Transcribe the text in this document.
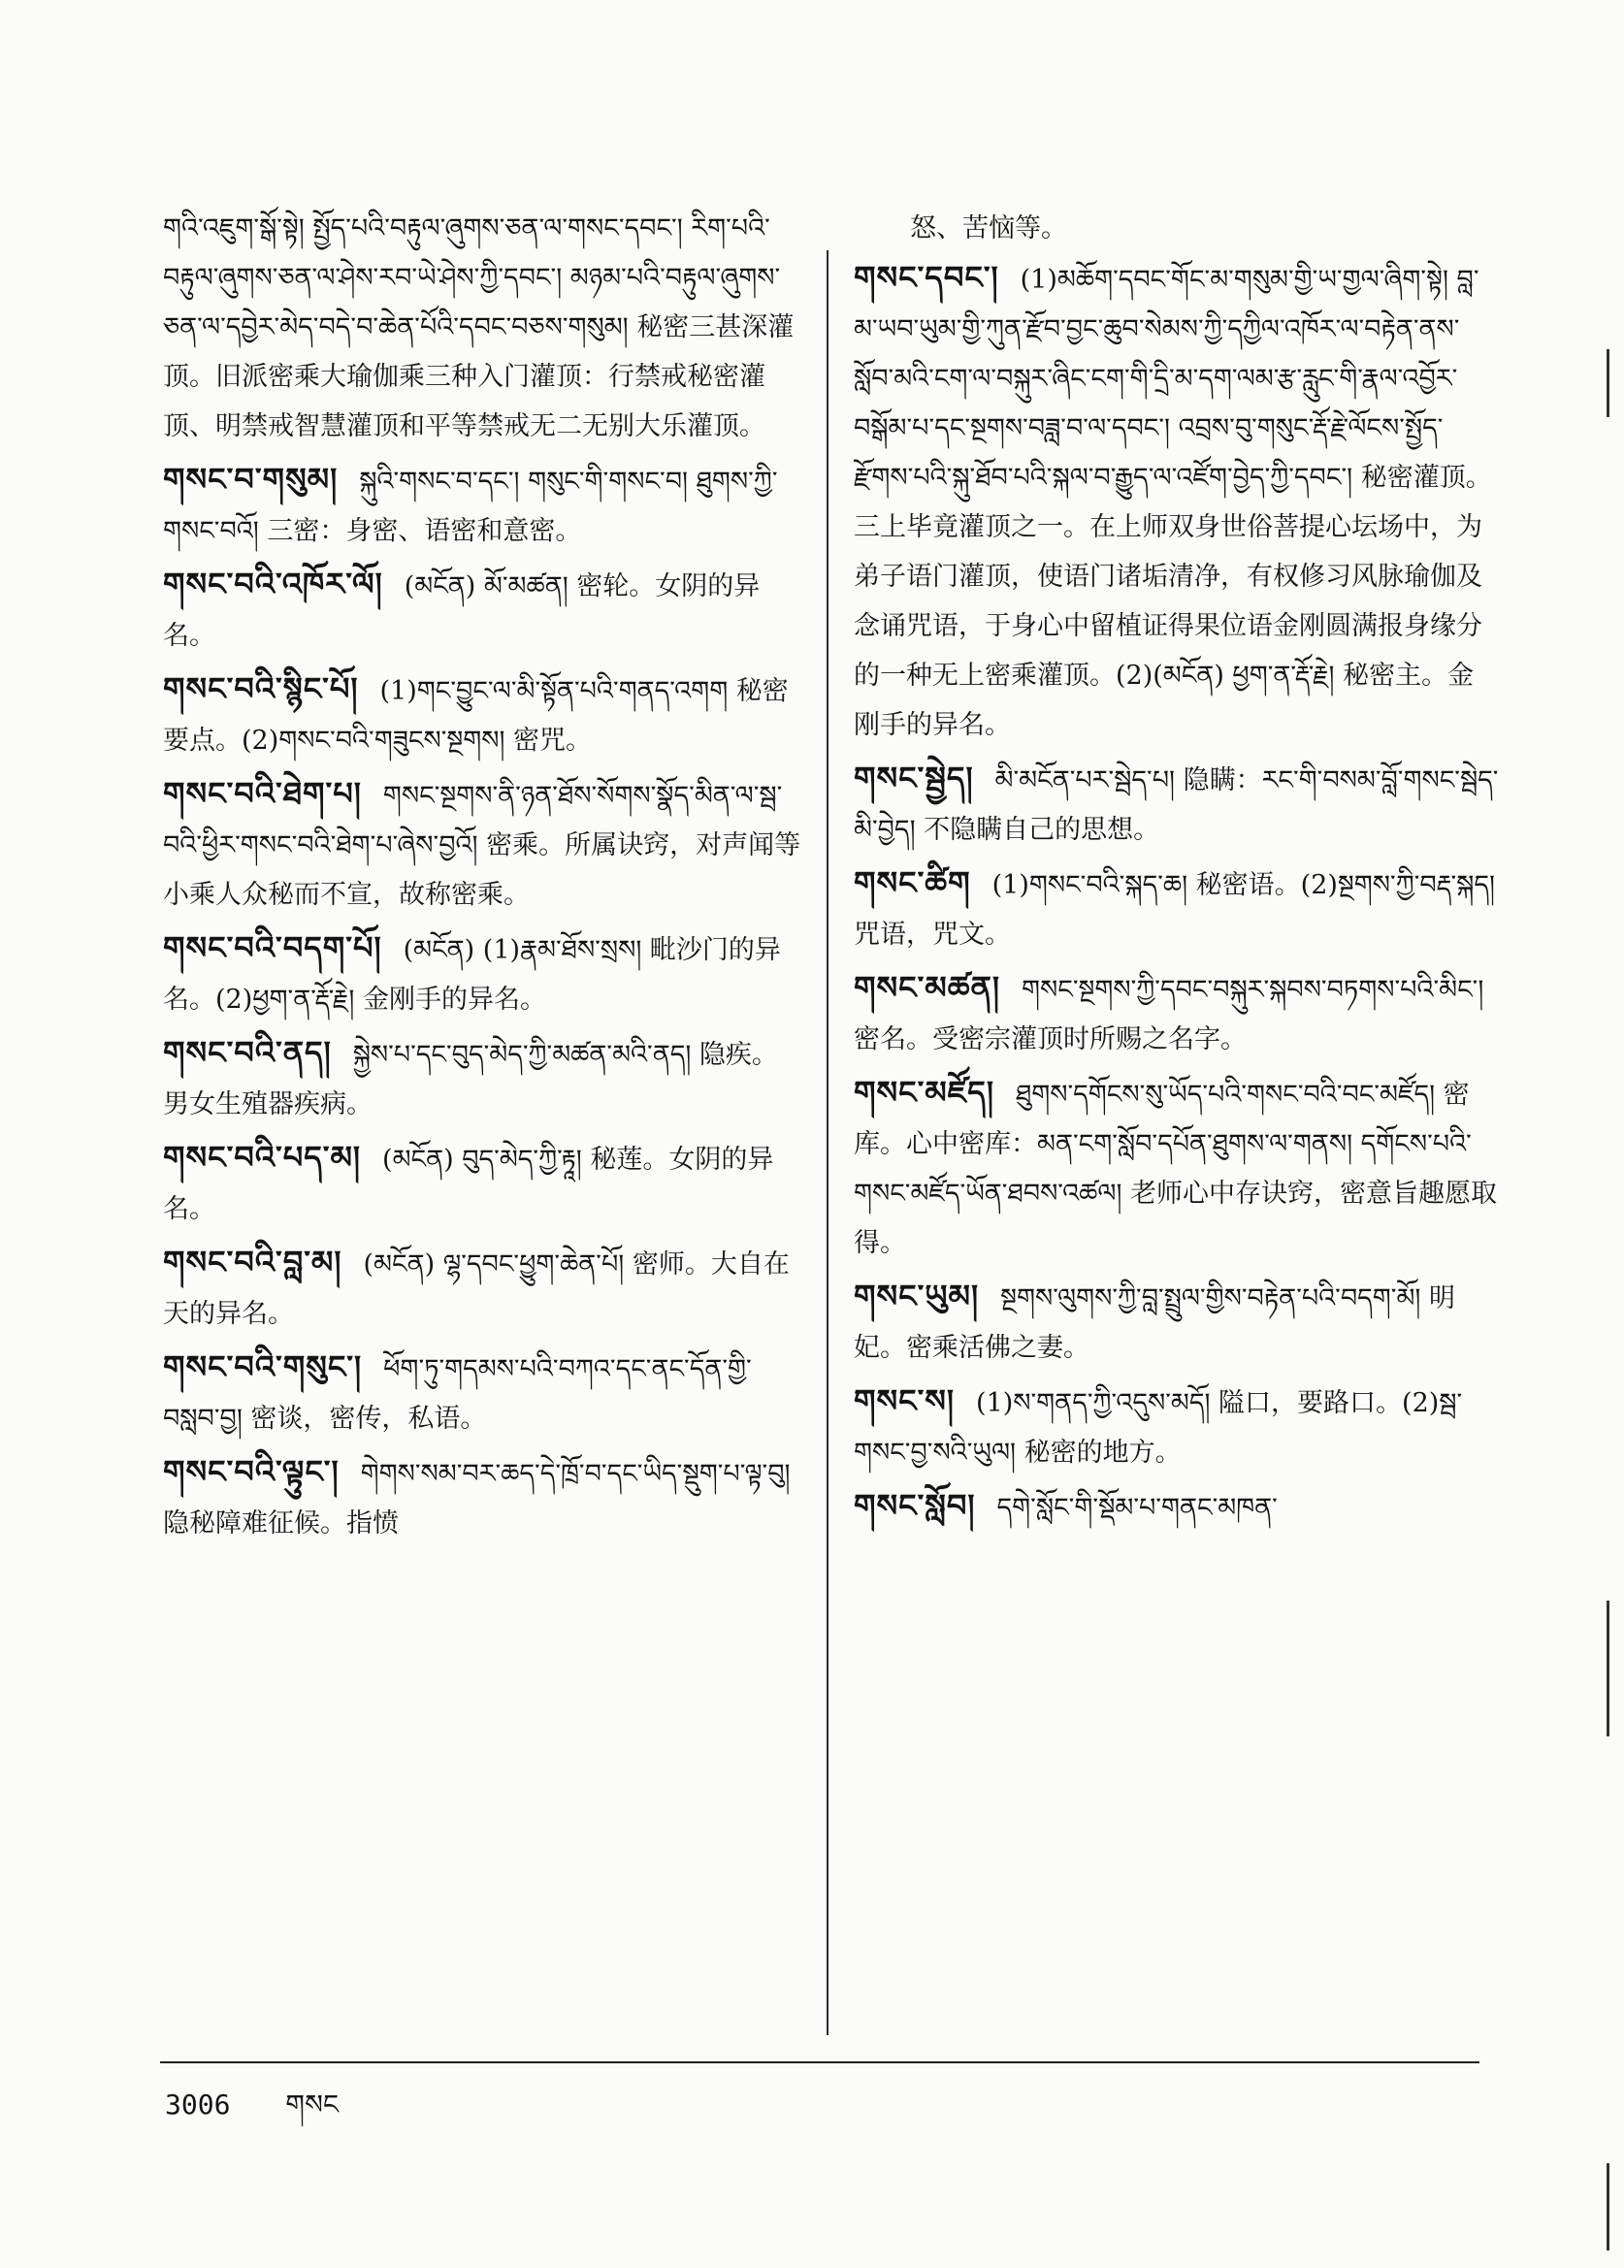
གའི་འཇུག་སྒོ་སྟེ། སྤྱོད་པའི་བརྟུལ་ཞུགས་ཅན་ལ་གསང་དབང་། རིག་པའི་བརྟུལ་ཞུགས་ཅན་ལ་ཤེས་རབ་ཡེ་ཤེས་ཀྱི་དབང་། མཉམ་པའི་བརྟུལ་ཞུགས་ཅན་ལ་དབྱེར་མེད་བདེ་བ་ཆེན་པོའི་དབང་བཅས་གསུམ། 秘密三甚深灌顶。旧派密乘大瑜伽乘三种入门灌顶：行禁戒秘密灌顶、明禁戒智慧灌顶和平等禁戒无二无别大乐灌顶。

གསང་བ་གསུམ། སྐུའི་གསང་བ་དང་། གསུང་གི་གསང་བ། ཐུགས་ཀྱི་གསང་བའོ། 三密：身密、语密和意密。

གསང་བའི་འཁོར་ལོ། (མངོན) མོ་མཚན། 密轮。女阴的异名。

གསང་བའི་སྙིང་པོ། (1)གང་བྱུང་ལ་མི་སྟོན་པའི་གནད་འགག 秘密要点。(2)གསང་བའི་གཟུངས་སྔགས། 密咒。

གསང་བའི་ཐེག་པ། གསང་སྔགས་ནི་ཉན་ཐོས་སོགས་སྣོད་མིན་ལ་སྦ་བའི་ཕྱིར་གསང་བའི་ཐེག་པ་ཞེས་བྱའོ། 密乘。所属诀窍，对声闻等小乘人众秘而不宣，故称密乘。

གསང་བའི་བདག་པོ། (མངོན) (1)རྣམ་ཐོས་སྲས། 毗沙门的异名。(2)ཕྱག་ན་རྡོ་རྗེ། 金刚手的异名。

གསང་བའི་ནད། སྐྱེས་པ་དང་བུད་མེད་ཀྱི་མཚན་མའི་ནད། 隐疾。男女生殖器疾病。

གསང་བའི་པད་མ། (མངོན) བུད་མེད་ཀྱི་རྟཱ། 秘莲。女阴的异名。

གསང་བའི་བླ་མ། (མངོན) ལྷ་དབང་ཕྱུག་ཆེན་པོ། 密师。大自在天的异名。

གསང་བའི་གསུང་། ཕོག་ཏུ་གདམས་པའི་བཀའ་དང་ནང་དོན་གྱི་བསླབ་བྱ། 密谈，密传，私语。

གསང་བའི་ལྟུང་། གེགས་སམ་བར་ཆད་དེ་ཁྲོ་བ་དང་ཡིད་སྡུག་པ་ལྟ་བུ། 隐秘障难征候。指愤

怒、苦恼等。

གསང་དབང་། (1)མཆོག་དབང་གོང་མ་གསུམ་གྱི་ཡ་གྱལ་ཞིག་སྟེ། བླ་མ་ཡབ་ཡུམ་གྱི་ཀུན་རྫོབ་བྱང་ཆུབ་སེམས་ཀྱི་དཀྱིལ་འཁོར་ལ་བརྟེན་ནས་སློབ་མའི་ངག་ལ་བསྐུར་ཞིང་ངག་གི་དྲི་མ་དག་ལམ་རྩ་རླུང་གི་རྣལ་འབྱོར་བསྒོམ་པ་དང་སྔགས་བཟླ་བ་ལ་དབང་། འབྲས་བུ་གསུང་རྡོ་རྗེ་ལོངས་སྤྱོད་རྫོགས་པའི་སྐུ་ཐོབ་པའི་སྐལ་བ་རྒྱུད་ལ་འཛོག་བྱེད་ཀྱི་དབང་། 秘密灌顶。三上毕竟灌顶之一。在上师双身世俗菩提心坛场中，为弟子语门灌顶，使语门诸垢清净，有权修习风脉瑜伽及念诵咒语，于身心中留植证得果位语金刚圆满报身缘分的一种无上密乘灌顶。(2)(མངོན) ཕྱག་ན་རྡོ་རྗེ། 秘密主。金刚手的异名。

གསང་སྦྱེད། མི་མངོན་པར་སྦེད་པ། 隐瞒：རང་གི་བསམ་བློ་གསང་སྦེད་མི་བྱེད། 不隐瞒自己的思想。

གསང་ཚིག (1)གསང་བའི་སྐད་ཆ། 秘密语。(2)སྔགས་ཀྱི་བརྡ་སྐད། 咒语，咒文。

གསང་མཚན། གསང་སྔགས་ཀྱི་དབང་བསྐུར་སྐབས་བཏགས་པའི་མིང་། 密名。受密宗灌顶时所赐之名字。

གསང་མཛོད། ཐུགས་དགོངས་སུ་ཡོད་པའི་གསང་བའི་བང་མཛོད། 密库。心中密库：མན་ངག་སློབ་དཔོན་ཐུགས་ལ་གནས། དགོངས་པའི་གསང་མཛོད་ཡོན་ཐབས་འཚལ། 老师心中存诀窍，密意旨趣愿取得。

གསང་ཡུམ། སྔགས་ལུགས་ཀྱི་བླ་སྤྲུལ་གྱིས་བརྟེན་པའི་བདག་མོ། 明妃。密乘活佛之妻。

གསང་ས། (1)ས་གནད་ཀྱི་འདུས་མདོ། 隘口，要路口。(2)སྦ་གསང་བྱ་སའི་ཡུལ། 秘密的地方。

གསང་སློབ། དགེ་སློང་གི་སྡོམ་པ་གནང་མཁན་

3006 གསང
